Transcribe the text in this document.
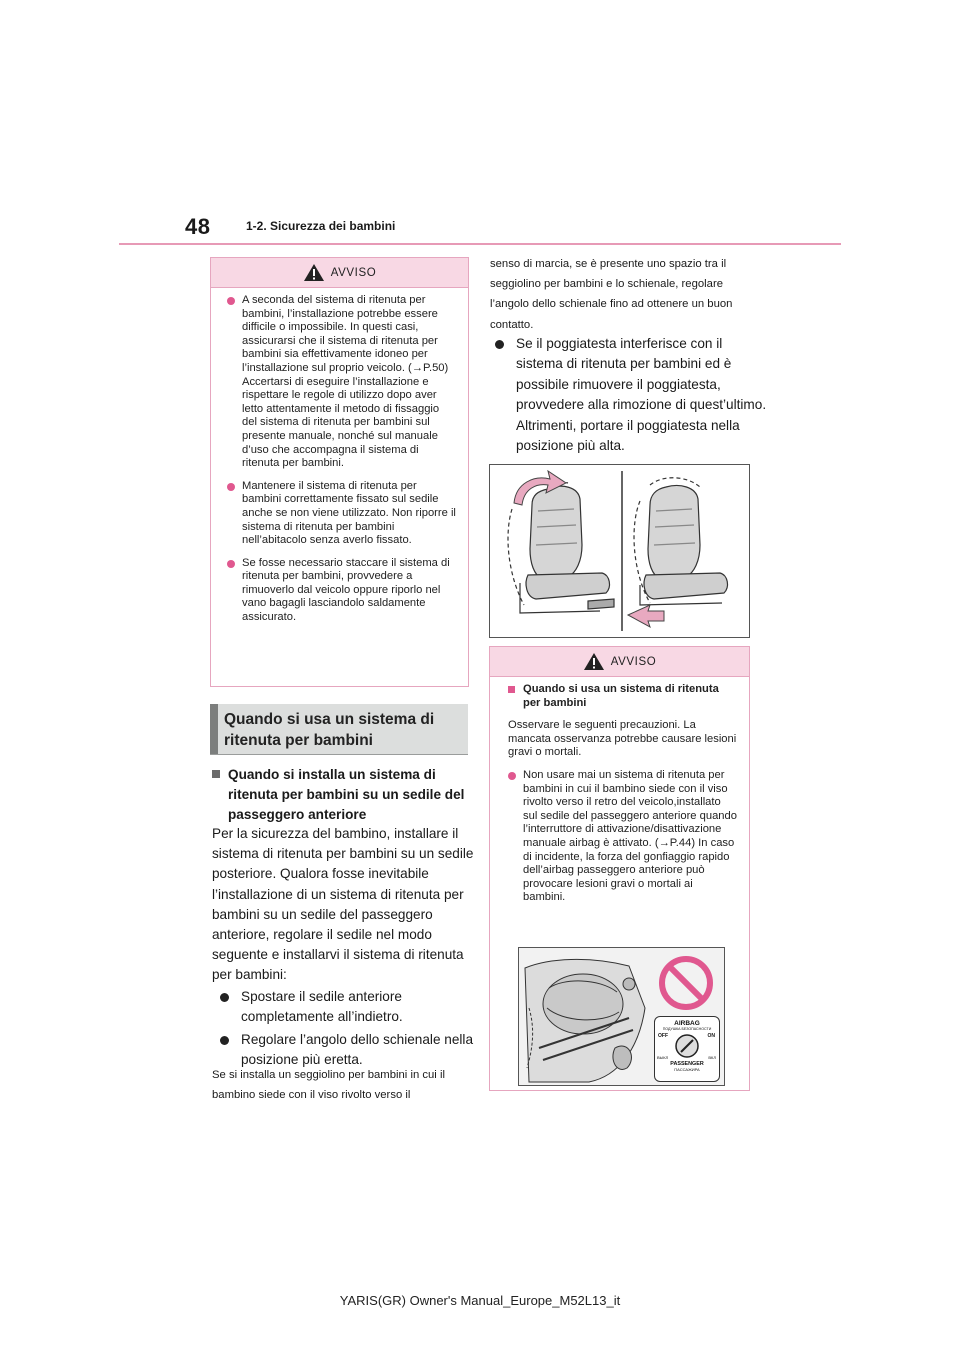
48	1-2. Sicurezza dei bambini
AVVISO
A seconda del sistema di ritenuta per bambini, l’installazione potrebbe essere difficile o impossibile. In questi casi, assicurarsi che il sistema di ritenuta per bambini sia effettivamente idoneo per l’installazione sul proprio veicolo. (→P.50) Accertarsi di eseguire l’installazione e rispettare le regole di utilizzo dopo aver letto attentamente il metodo di fissaggio del sistema di ritenuta per bambini sul presente manuale, nonché sul manuale d’uso che accompagna il sistema di ritenuta per bambini.
Mantenere il sistema di ritenuta per bambini correttamente fissato sul sedile anche se non viene utilizzato. Non riporre il sistema di ritenuta per bambini nell’abitacolo senza averlo fissato.
Se fosse necessario staccare il sistema di ritenuta per bambini, provvedere a rimuoverlo dal veicolo oppure riporlo nel vano bagagli lasciandolo saldamente assicurato.
Quando si usa un sistema di ritenuta per bambini
Quando si installa un sistema di ritenuta per bambini su un sedile del passeggero anteriore
Per la sicurezza del bambino, installare il sistema di ritenuta per bambini su un sedile posteriore. Qualora fosse inevitabile l’installazione di un sistema di ritenuta per bambini su un sedile del passeggero anteriore, regolare il sedile nel modo seguente e installarvi il sistema di ritenuta per bambini:
Spostare il sedile anteriore completamente all’indietro.
Regolare l’angolo dello schienale nella posizione più eretta.
Se si installa un seggiolino per bambini in cui il bambino siede con il viso rivolto verso il
senso di marcia, se è presente uno spazio tra il seggiolino per bambini e lo schienale, regolare l’angolo dello schienale fino ad ottenere un buon contatto.
Se il poggiatesta interferisce con il sistema di ritenuta per bambini ed è possibile rimuovere il poggiatesta, provvedere alla rimozione di quest’ultimo. Altrimenti, portare il poggiatesta nella posizione più alta.
AVVISO
Quando si usa un sistema di ritenuta per bambini
Osservare le seguenti precauzioni. La mancata osservanza potrebbe causare lesioni gravi o mortali.
Non usare mai un sistema di ritenuta per bambini in cui il bambino siede con il viso rivolto verso il retro del veicolo,installato sul sedile del passeggero anteriore quando l’interruttore di attivazione/disattivazione manuale airbag è attivato. (→P.44) In caso di incidente, la forza del gonfiaggio rapido dell’airbag passeggero anteriore può provocare lesioni gravi o mortali ai bambini.
AIRBAG
ПОДУШКА БЕЗОПАСНОСТИ
OFF	ON
ВЫКЛ	ВКЛ
PASSENGER
ПАССАЖИРА
YARIS(GR) Owner's Manual_Europe_M52L13_it
